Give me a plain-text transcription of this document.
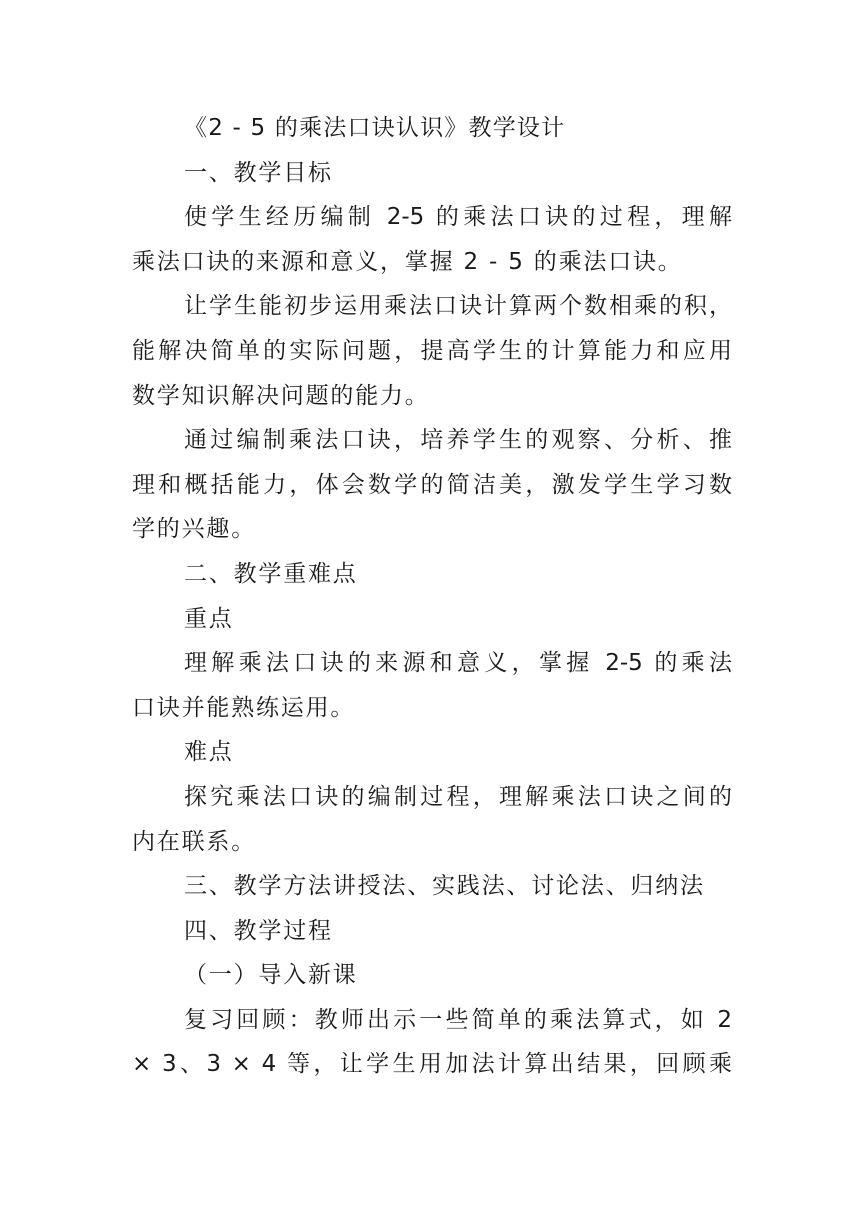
《2 - 5 的乘法口诀认识》教学设计
一、教学目标
使学生经历编制 2-5 的乘法口诀的过程，理解
乘法口诀的来源和意义，掌握 2 - 5 的乘法口诀。
让学生能初步运用乘法口诀计算两个数相乘的积，
能解决简单的实际问题，提高学生的计算能力和应用
数学知识解决问题的能力。
通过编制乘法口诀，培养学生的观察、分析、推
理和概括能力，体会数学的简洁美，激发学生学习数
学的兴趣。
二、教学重难点
重点
理解乘法口诀的来源和意义，掌握 2-5 的乘法
口诀并能熟练运用。
难点
探究乘法口诀的编制过程，理解乘法口诀之间的
内在联系。
三、教学方法讲授法、实践法、讨论法、归纳法
四、教学过程
（一）导入新课
复习回顾：教师出示一些简单的乘法算式，如 2
× 3、3 × 4 等，让学生用加法计算出结果，回顾乘
